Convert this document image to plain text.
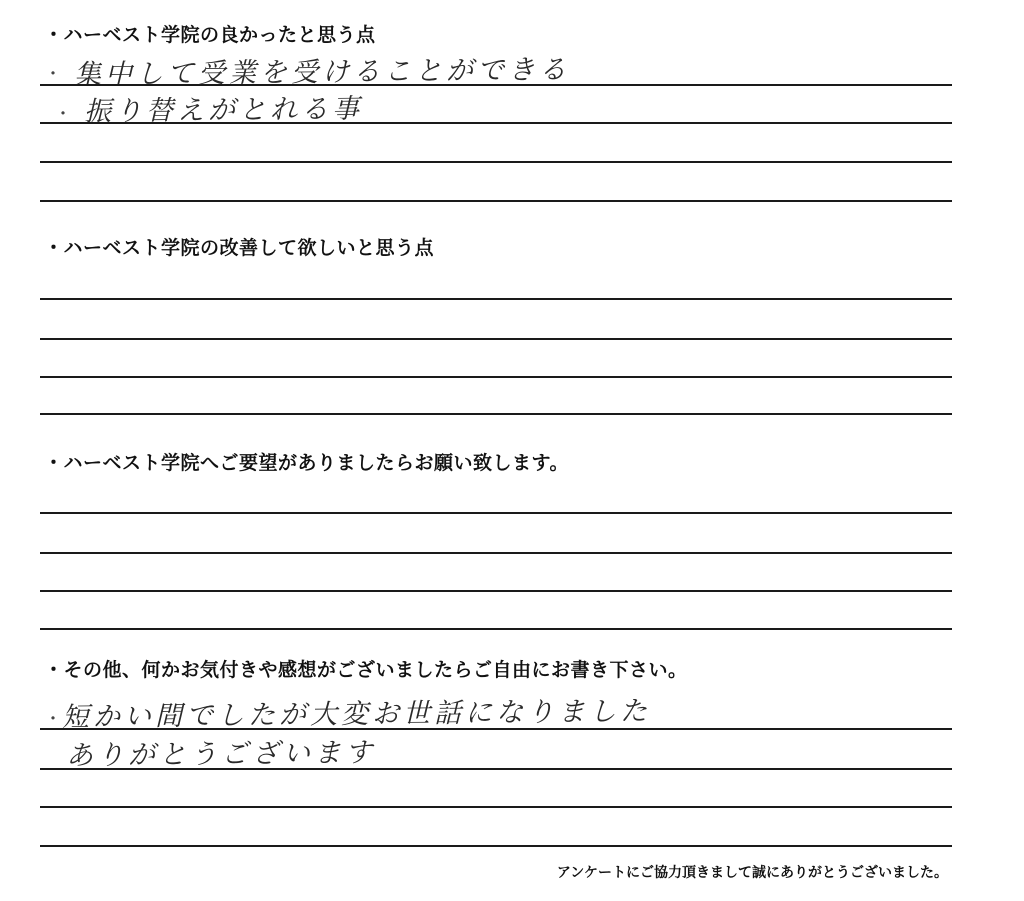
・ハーベスト学院の良かったと思う点
・ 集中して受業を受けることができる
・ 振り替えがとれる事
・ハーベスト学院の改善して欲しいと思う点
・ハーベスト学院へご要望がありましたらお願い致します。
・その他、何かお気付きや感想がございましたらご自由にお書き下さい。
・ 短かい間でしたが大変お世話になりました
ありがとうございます
アンケートにご協力頂きまして誠にありがとうございました。
